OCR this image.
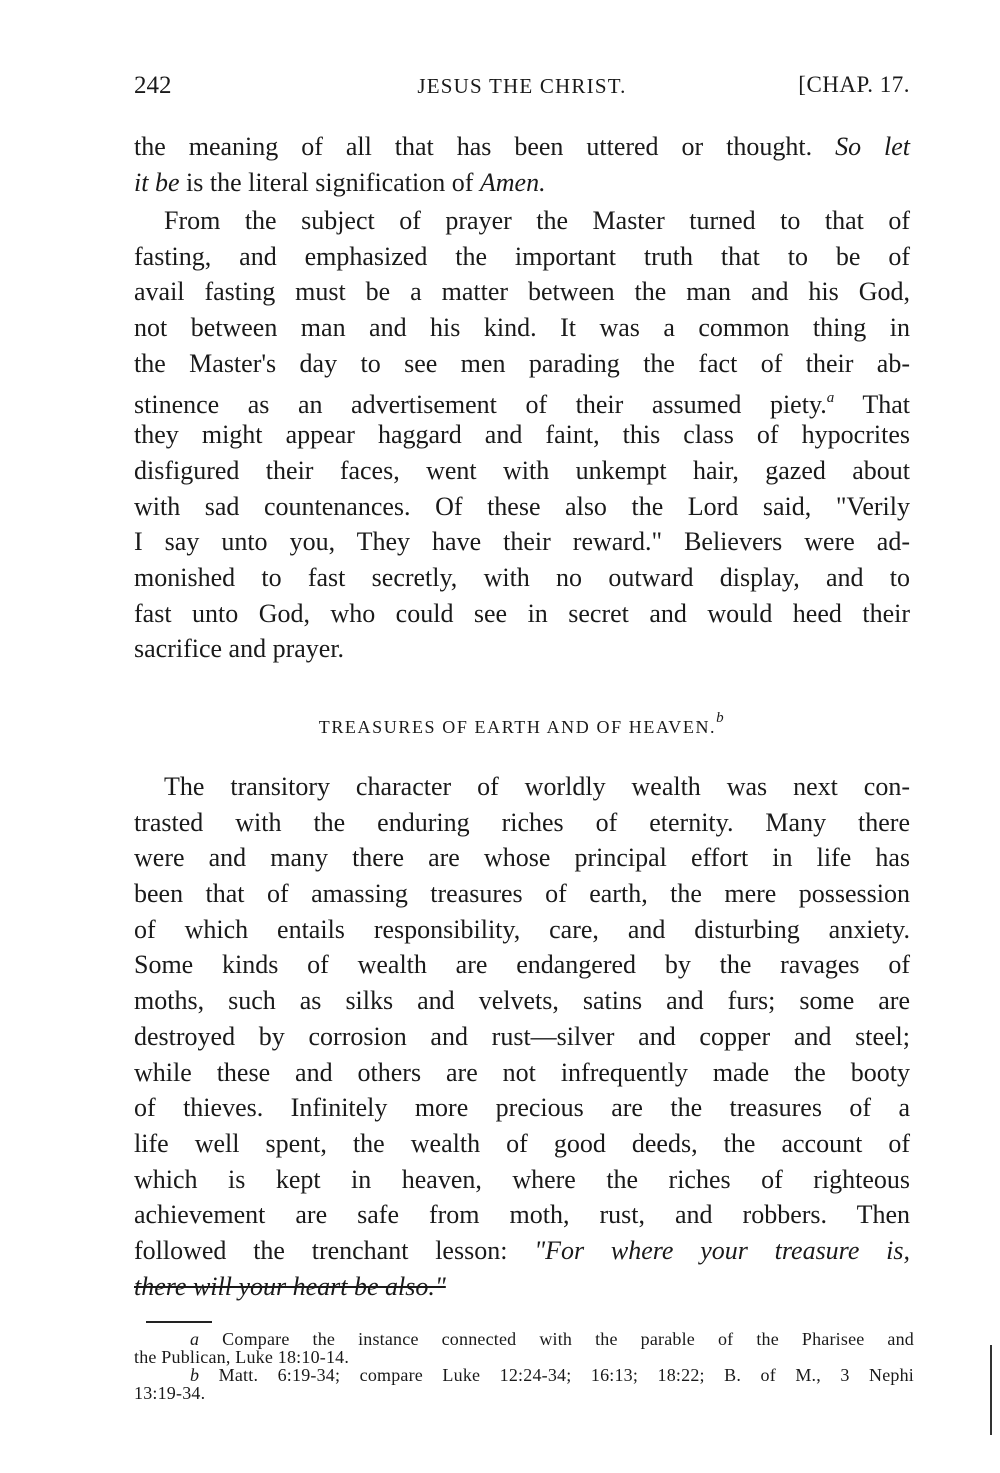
242	JESUS THE CHRIST.	[CHAP. 17.
the meaning of all that has been uttered or thought. So let
it be is the literal signification of Amen.
From the subject of prayer the Master turned to that of
fasting, and emphasized the important truth that to be of
avail fasting must be a matter between the man and his God,
not between man and his kind. It was a common thing in
the Master's day to see men parading the fact of their ab-
stinence as an advertisement of their assumed piety.$^a$ That
they might appear haggard and faint, this class of hypocrites
disfigured their faces, went with unkempt hair, gazed about
with sad countenances. Of these also the Lord said, "Verily
I say unto you, They have their reward." Believers were ad-
monished to fast secretly, with no outward display, and to
fast unto God, who could see in secret and would heed their
sacrifice and prayer.
TREASURES OF EARTH AND OF HEAVEN.$^b$
The transitory character of worldly wealth was next con-
trasted with the enduring riches of eternity. Many there
were and many there are whose principal effort in life has
been that of amassing treasures of earth, the mere possession
of which entails responsibility, care, and disturbing anxiety.
Some kinds of wealth are endangered by the ravages of
moths, such as silks and velvets, satins and furs; some are
destroyed by corrosion and rust—silver and copper and steel;
while these and others are not infrequently made the booty
of thieves. Infinitely more precious are the treasures of a
life well spent, the wealth of good deeds, the account of
which is kept in heaven, where the riches of righteous
achievement are safe from moth, rust, and robbers. Then
followed the trenchant lesson: "For where your treasure is,
there will your heart be also."
a Compare the instance connected with the parable of the Pharisee and
the Publican, Luke 18:10-14.
b Matt. 6:19-34; compare Luke 12:24-34; 16:13; 18:22; B. of M., 3 Nephi
13:19-34.
